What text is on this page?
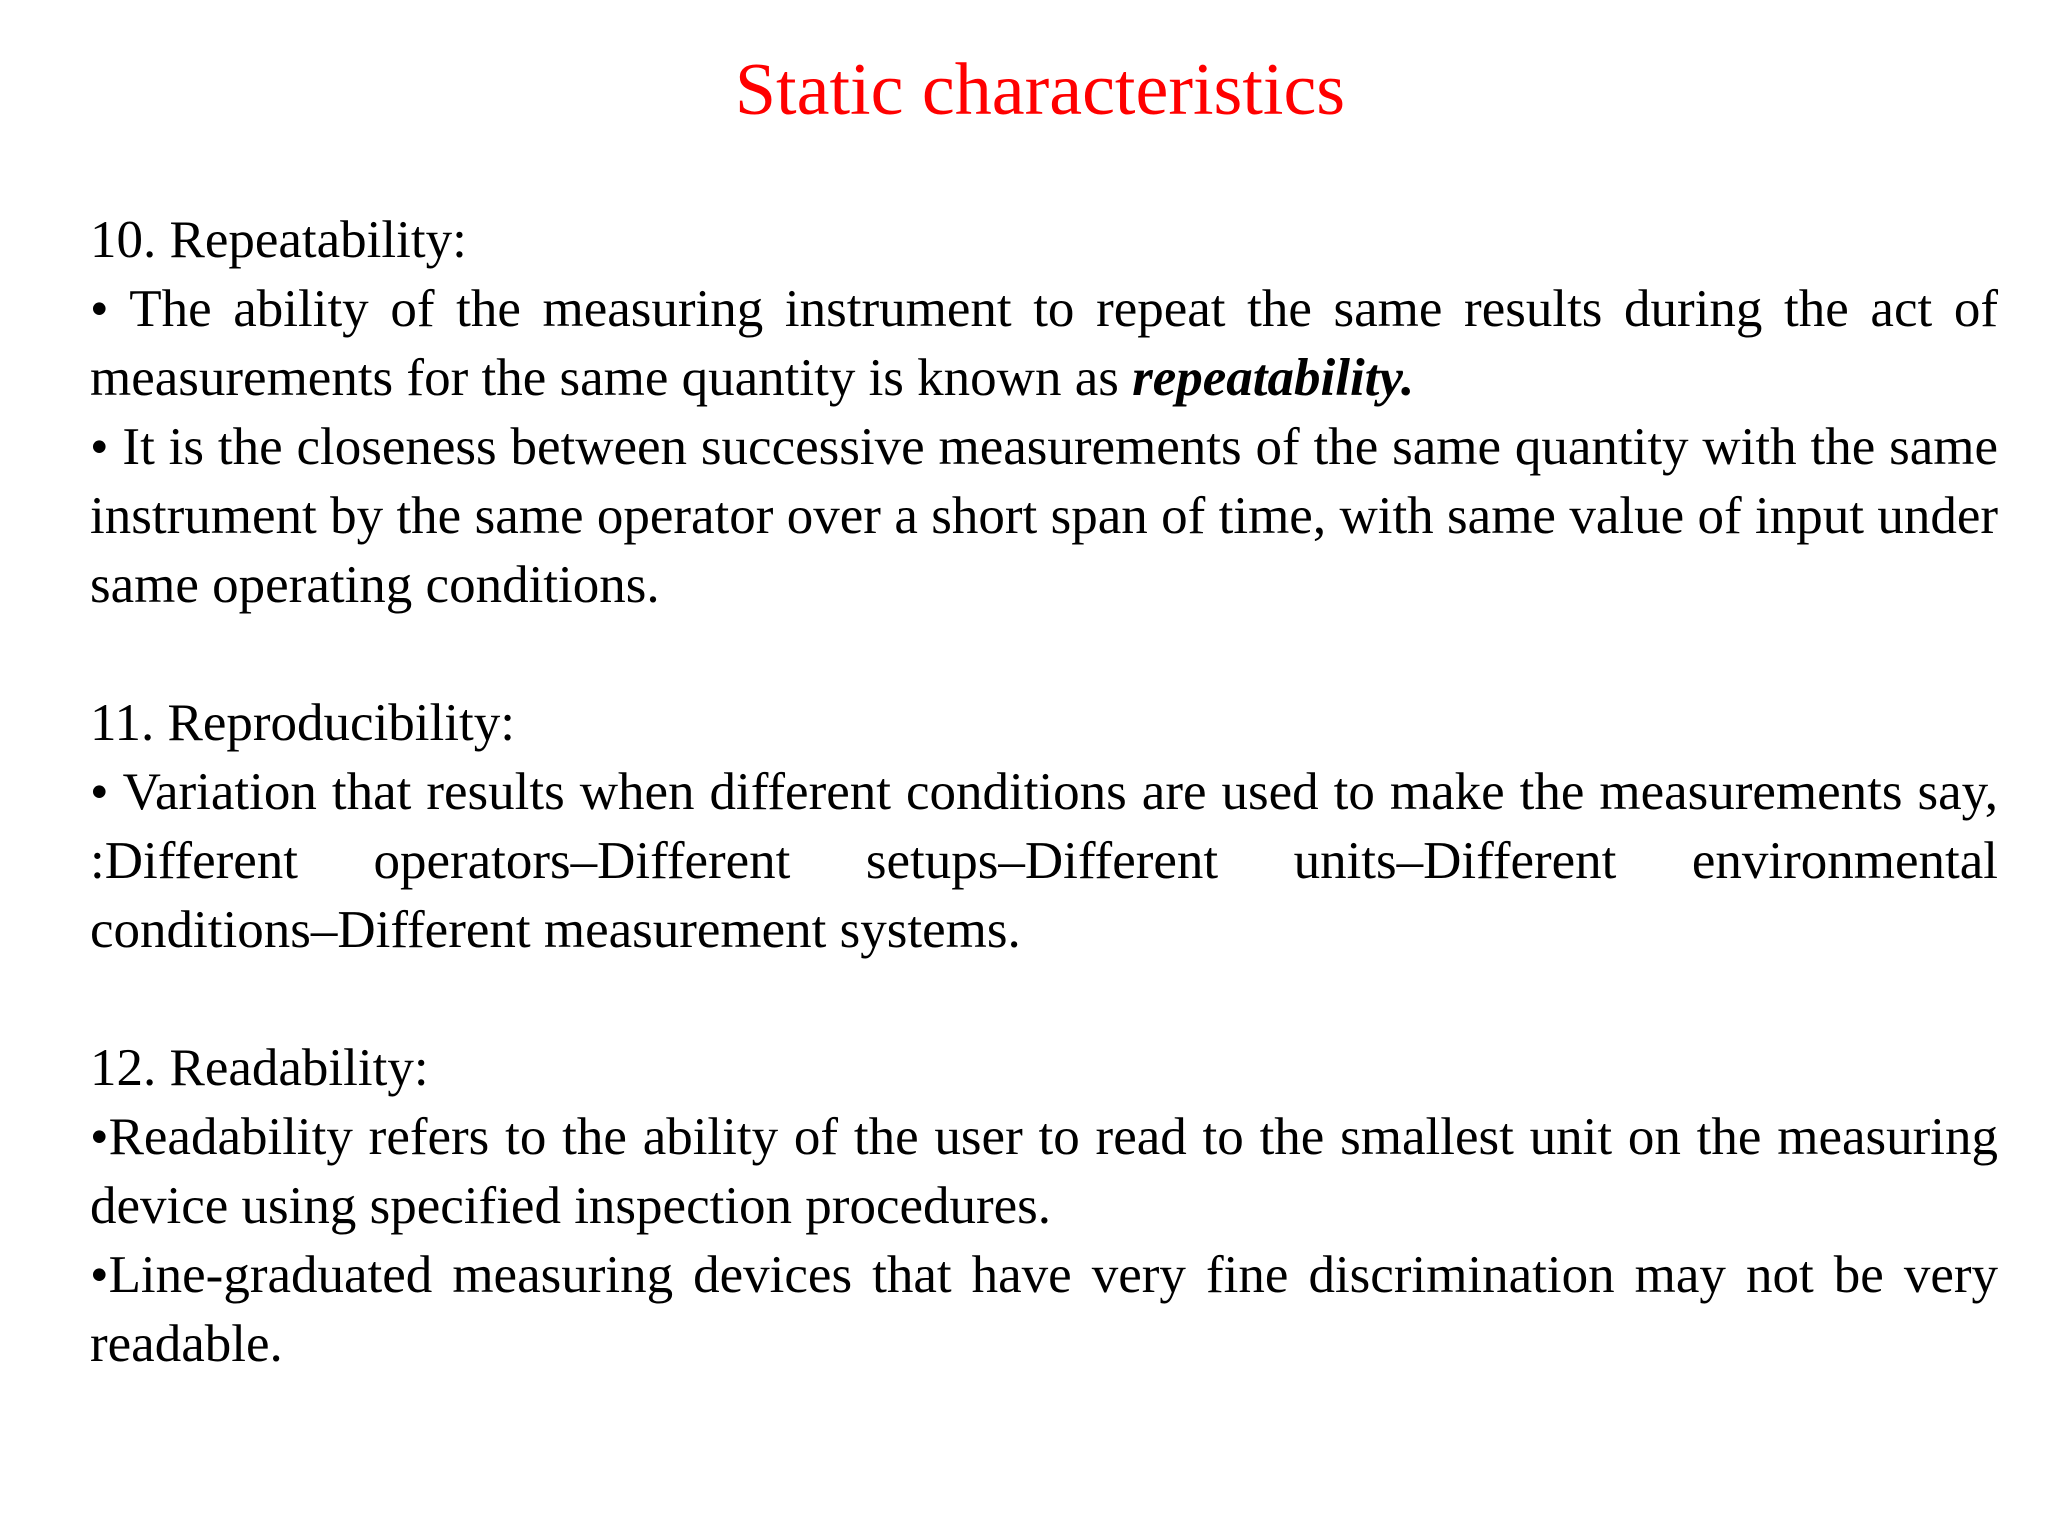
Static characteristics

10. Repeatability:

• The ability of the measuring instrument to repeat the same results during the act of measurements for the same quantity is known as repeatability.

• It is the closeness between successive measurements of the same quantity with the same instrument by the same operator over a short span of time, with same value of input under same operating conditions.

11. Reproducibility:

• Variation that results when different conditions are used to make the measurements say, :Different operators–Different setups–Different units–Different environmental conditions–Different measurement systems.

12. Readability:

•Readability refers to the ability of the user to read to the smallest unit on the measuring device using specified inspection procedures.

•Line-graduated measuring devices that have very fine discrimination may not be very readable.
